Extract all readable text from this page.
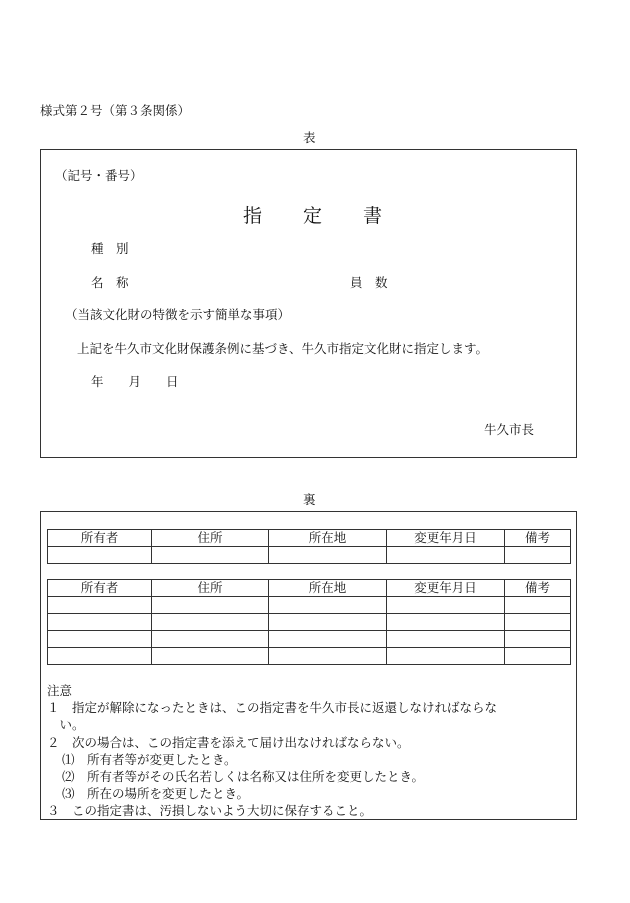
様式第２号（第３条関係）
表
（記号・番号）
指　　定　　書
種　別
名　称	員　数
（当該文化財の特徴を示す簡単な事項）
上記を牛久市文化財保護条例に基づき、牛久市指定文化財に指定します。
年　　月　　日
牛久市長
裏
所有者	住所	所在地	変更年月日	備考

所有者	住所	所在地	変更年月日	備考

注意
１　指定が解除になったときは、この指定書を牛久市長に返還しなければならな
　い。
２　次の場合は、この指定書を添えて届け出なければならない。
⑴　所有者等が変更したとき。
⑵　所有者等がその氏名若しくは名称又は住所を変更したとき。
⑶　所在の場所を変更したとき。
３　この指定書は、汚損しないよう大切に保存すること。
